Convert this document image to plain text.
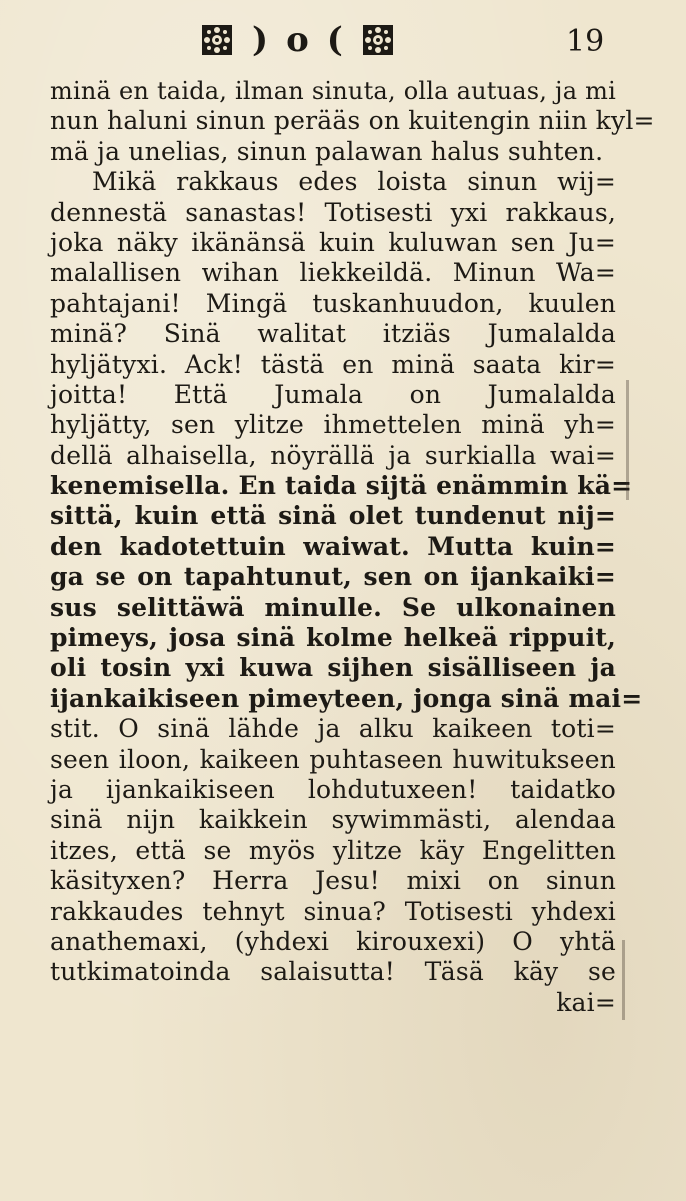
) o (	19
minä en taida, ilman sinuta, olla autuas, ja mi
nun haluni sinun perääs on kuitengin niin kyl=
mä ja unelias, sinun palawan halus suhten.
Mikä rakkaus edes loista sinun wij=
dennestä sanastas! Totisesti yxi rakkaus,
joka näky ikänänsä kuin kuluwan sen Ju=
malallisen wihan liekkeildä. Minun Wa=
pahtajani! Mingä tuskanhuudon, kuulen
minä? Sinä walitat itziäs Jumalalda
hyljätyxi. Ack! tästä en minä saata kir=
joitta! Että Jumala on Jumalalda
hyljätty, sen ylitze ihmettelen minä yh=
dellä alhaisella, nöyrällä ja surkialla wai=
kenemisella. En taida sijtä enämmin kä=
sittä, kuin että sinä olet tundenut nij=
den kadotettuin waiwat. Mutta kuin=
ga se on tapahtunut, sen on ijankaiki=
sus selittäwä minulle. Se ulkonainen
pimeys, josa sinä kolme helkeä rippuit,
oli tosin yxi kuwa sijhen sisälliseen ja
ijankaikiseen pimeyteen, jonga sinä mai=
stit. O sinä lähde ja alku kaikeen toti=
seen iloon, kaikeen puhtaseen huwitukseen
ja ijankaikiseen lohdutuxeen! taidatko
sinä nijn kaikkein sywimmästi, alendaa
itzes, että se myös ylitze käy Engelitten
käsityxen? Herra Jesu! mixi on sinun
rakkaudes tehnyt sinua? Totisesti yhdexi
anathemaxi, (yhdexi kirouxexi) O yhtä
tutkimatoinda salaisutta! Täsä käy se
kai=
